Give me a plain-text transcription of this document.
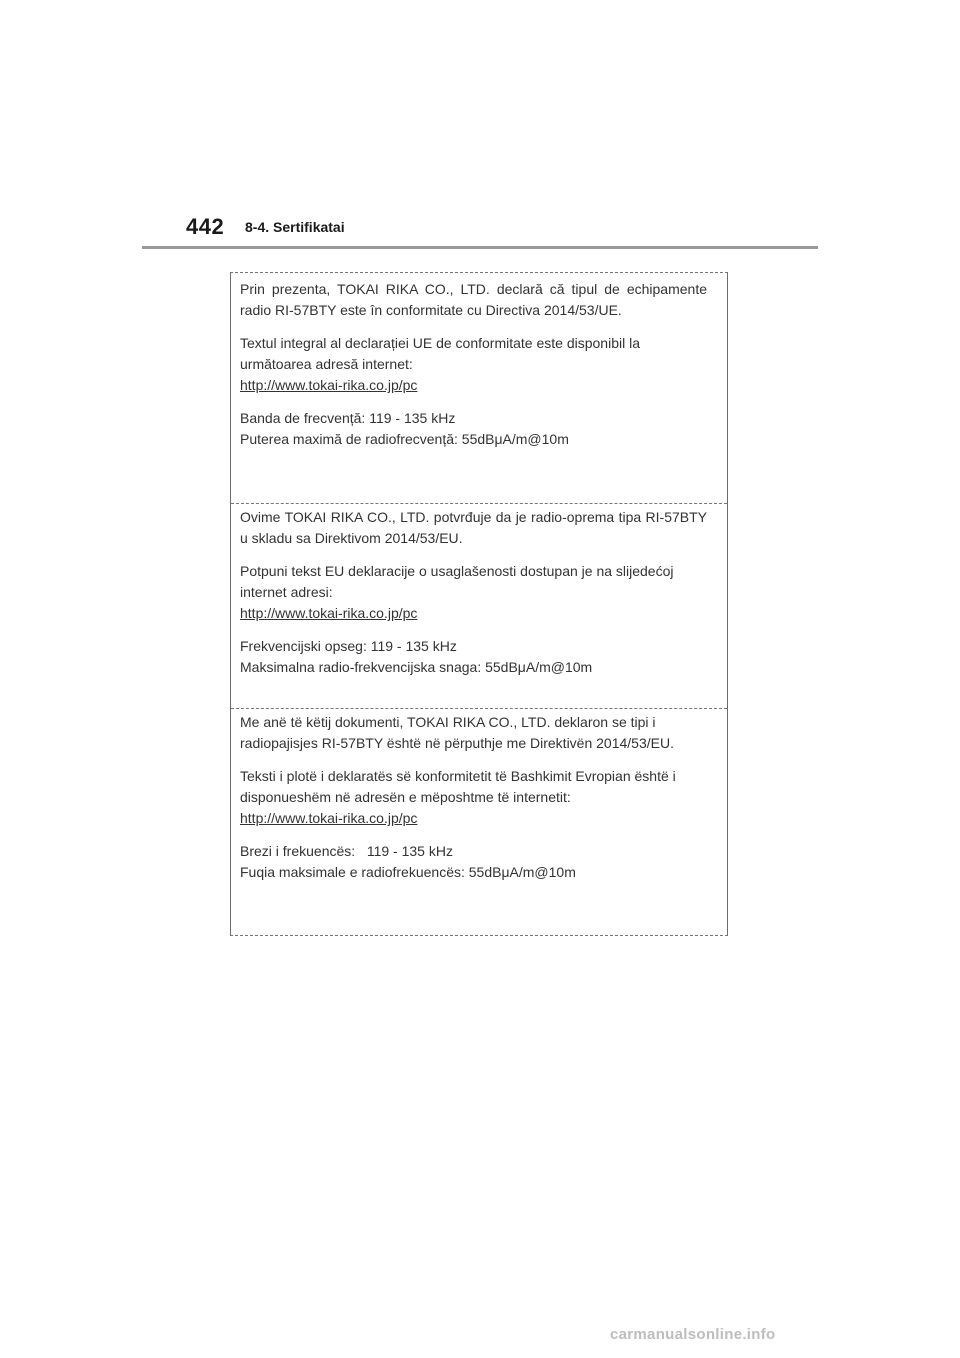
442 8-4. Sertifikatai

Prin prezenta, TOKAI RIKA CO., LTD. declară că tipul de echipamente radio RI-57BTY este în conformitate cu Directiva 2014/53/UE.

Textul integral al declarației UE de conformitate este disponibil la următoarea adresă internet:
http://www.tokai-rika.co.jp/pc

Banda de frecvență: 119 - 135 kHz
Puterea maximă de radiofrecvență: 55dBμA/m@10m

Ovime TOKAI RIKA CO., LTD. potvrđuje da je radio-oprema tipa RI-57BTY u skladu sa Direktivom 2014/53/EU.

Potpuni tekst EU deklaracije o usaglašenosti dostupan je na slijedećoj internet adresi:
http://www.tokai-rika.co.jp/pc

Frekvencijski opseg: 119 - 135 kHz
Maksimalna radio-frekvencijska snaga: 55dBμA/m@10m

Me anë të këtij dokumenti, TOKAI RIKA CO., LTD. deklaron se tipi i radiopajisjes RI-57BTY është në përputhje me Direktivën 2014/53/EU.

Teksti i plotë i deklaratës së konformitetit të Bashkimit Evropian është i disponueshëm në adresën e mëposhtme të internetit:
http://www.tokai-rika.co.jp/pc

Brezi i frekuencës:   119 - 135 kHz
Fuqia maksimale e radiofrekuencës: 55dBμA/m@10m

carmanualsonline.info
